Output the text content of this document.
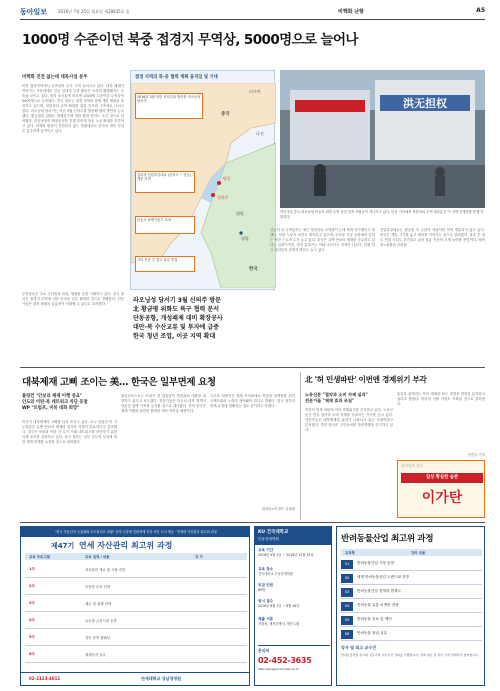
동아일보	2016년 7월 25일 월요일 제28935호 종	비핵화 난항	A5
1000명 수준이던 북중 접경지 무역상, 5000명으로 늘어나
비핵화 진전 없는데 대북사업 분주
북중 접경지역에서 무역상의 수가 크게 늘어나고 있다. 대북 제재가 이어지는 가운데에도 단둥 일대의 무역 활동은 오히려 활발해지는 모습을 보이고 있다. 현지 소식통에 따르면 1000명 수준이던 무역상이 5000명으로 늘어났다. 중국 정부는 접경 지역의 경제 개발 계획을 추진하고 있으며, 북한과의 교역 확대를 위한 인프라 구축에도 나서고 있다. 라오닝성 당서기는 지난 3월 신의주를 방문해 협력 방안을 논의했다. 황금평과 위화도 경제특구에 대한 협력 문서도 오간 것으로 알려졌다. 단둥공항은 확장공사를 진행 중이며 항공 노선 확대를 추진하고 있다. 비핵화 협상이 진전되지 않는 상황에서도 중국의 대북 사업은 분주하게 움직이고 있다.
접경 지역의 북-중 협력 계획 움직임 및 기대
2016년 3월 북한 신의주를 방문한 라오닝성 당서기
압록강 신압록강대교 (신의주 ~ 단둥) 개통 지연
단둥시 보세가공구 조성
기타 북중 간 철도 상호 연결
러시아
중국
나선
신의주
단둥
한국
위원
평양
洪无担权
지난 5일 중국 랴오닝성 단둥의 대북 무역 상점 앞을 사람들이 지나가고 있다. 단둥 거리에서 북한과의 무역 대부분은 이 지역 중개상을 통해 이뤄진다.
라오닝성 당서기 3월 신의주 방문
北 황금평 위화도 특구 협력 문서
단동공항, 개성패제 대비 확장공사
대만·북 수산교류 및 투자에 급증
한국 청년 조업, 이곳 지역 확대
무역상들은 주로 수산물과 의류, 생필품 등을 거래하고 있다. 중국 당국은 접경지 무역에 대한 단속을 일부 완화한 것으로 전해졌다. 전문가들은 대북 제재의 실효성이 약화될 수 있다고 우려했다.
단둥의 한 무역업자는 최근 북한과의 교역량이 눈에 띄게 증가했다고 말했다. 북한 노동자 파견도 계속되고 있으며, 수산물 가공 공장에서 일하는 북한 근로자 수가 늘고 있다. 중국은 유엔 안보리 제재를 준수하고 있다는 입장이지만, 현지 분위기는 이와 다르다는 지적이 나온다. 한편 한국 청년들의 접경지 방문도 늘고 있다.
신압록강대교는 완공된 지 수년이 지났지만 아직 개통되지 않고 있다. 양국은 개통 시기를 놓고 협의를 이어가는 것으로 알려졌다. 북중 간 철도 연결 사업도 추진되고 있어 물류 이동이 크게 늘어날 전망이다. 베이징=윤완준 특파원
대북제재 고삐 조이는 美… 한국은 일부면제 요청
블링컨 "안보리 제재 이행 중요"
인도의 이란·북 네트워크 차단 동참
WP "트럼프, 미북 대화 희망"
미국이 대북제재의 고삐를 더욱 조이고 있다. 토니 블링컨 미 국무장관은 유엔 안보리 제재의 철저한 이행이 중요하다고 강조했다. 미국은 북한과 이란 간 무기 거래 네트워크를 차단하기 위한 국제 공조를 강화하고 있다. 한국 정부는 일부 인도적 사업에 대한 제재 면제를 요청한 것으로 알려졌다.
워싱턴포스트는 트럼프 전 대통령이 북한과의 대화를 희망하고 있다고 보도했다. 전문가들은 미국의 대북 정책이 당분간 압박 기조를 유지할 것으로 내다봤다. 한미 양국은 제재 이행과 관련한 협의를 계속 이어갈 예정이다.
국무부 대변인은 정례 브리핑에서 북한의 비핵화를 위한 국제사회의 노력이 계속돼야 한다고 밝혔다. 한국 정부의 면제 요청에 대해서는 검토 중이라고 말했다.
워싱턴=이정은 특파원
北 '허 민생파탄' 이번엔 경제위기 부각
노동신문 "절약과 소비 자제 실리"
전문가들 "제재 효과 조짐"
북한이 민생 파탄에 이어 경제위기를 부각하고 있다. 노동신문은 연일 절약과 소비 자제를 강조하는 기사를 싣고 있다. 전문가들은 대북제재의 효과가 나타나고 있는 조짐이라고 분석했다. 북한 당국은 주민들에게 자력갱생을 촉구하고 있다.
통일부 관계자는 북한 매체의 보도 경향을 면밀히 분석하고 있다고 밝혔다. 북한의 식량 사정도 악화된 것으로 알려졌다.
신진우 기자
동아일보 신간
일상 확실한 습관
이가탄
"한국 부동산의 금융화와 포트폴리오 현황" 강의 수강생 전원에게 저자 사인 도서 제공 · 연세대 자산관리 최고위 과정
제47기 연세 자산관리 최고위 과정
교육 프로그램	교육 일정 / 내용	강 사
1주	자산관리 개요 및 시장 전망
2주	부동산 투자 전략
3주	세무 및 절세 전략
4주	글로벌 금융시장 동향
5주	상속 증여 플래닝
6주	대체투자 실무
연세대학교 상남경영원
02-2123-4011
KU 건국대학교
부동산대학원
교육 기간
2016년 9월 1일 ~ 2016년 12월 15일
교육 장소
건국대학교 부동산대학원
모집 인원
60명
원서 접수
2016년 8월 1일 ~ 8월 26일
제출 서류
지원서, 재직증명서, 명함 1매
문의처
02-452-3635
http://sangsink.konkuk.ac.kr
반려동물산업 최고위 과정
교과목	강의 내용
01	반려동물산업 시장 동향
02	세계 반려동물산업 트렌드와 전망
03	반려동물산업 정책과 법제도
04	반려동물 유통 마케팅 전략
05	반려동물 진료 및 케어
06	반려동물 창업 실무
강사 및 최고 교수진
반려동물산업 분야의 전문가와 교수진이 강의를 진행합니다. 업계 대표 및 관련 기관 관계자가 참여합니다.
